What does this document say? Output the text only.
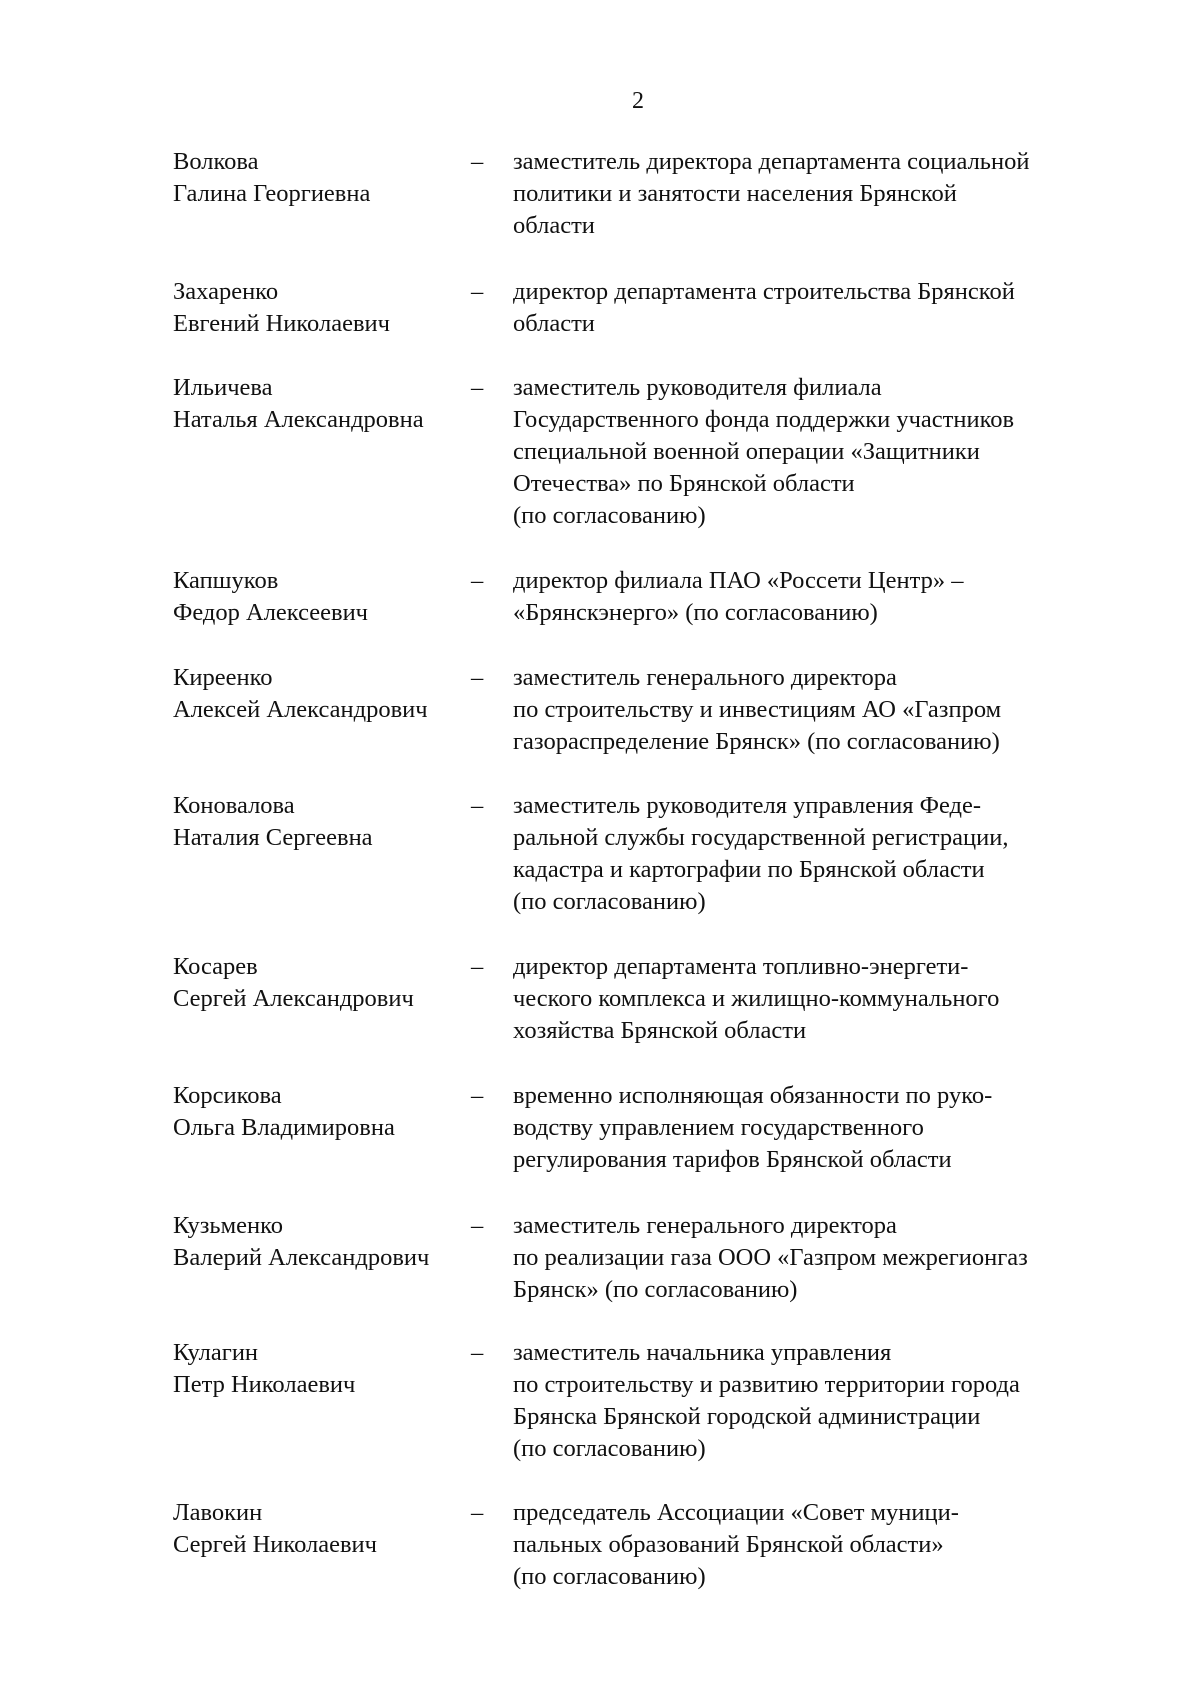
2
Волкова
Галина Георгиевна
– заместитель директора департамента социальной
политики и занятости населения Брянской
области
Захаренко
Евгений Николаевич
– директор департамента строительства Брянской
области
Ильичева
Наталья Александровна
– заместитель руководителя филиала
Государственного фонда поддержки участников
специальной военной операции «Защитники
Отечества» по Брянской области
(по согласованию)
Капшуков
Федор Алексеевич
– директор филиала ПАО «Россети Центр» –
«Брянскэнерго» (по согласованию)
Киреенко
Алексей Александрович
– заместитель генерального директора
по строительству и инвестициям АО «Газпром
газораспределение Брянск» (по согласованию)
Коновалова
Наталия Сергеевна
– заместитель руководителя управления Феде-
ральной службы государственной регистрации,
кадастра и картографии по Брянской области
(по согласованию)
Косарев
Сергей Александрович
– директор департамента топливно-энергети-
ческого комплекса и жилищно-коммунального
хозяйства Брянской области
Корсикова
Ольга Владимировна
– временно исполняющая обязанности по руко-
водству управлением государственного
регулирования тарифов Брянской области
Кузьменко
Валерий Александрович
– заместитель генерального директора
по реализации газа ООО «Газпром межрегионгаз
Брянск» (по согласованию)
Кулагин
Петр Николаевич
– заместитель начальника управления
по строительству и развитию территории города
Брянска Брянской городской администрации
(по согласованию)
Лавокин
Сергей Николаевич
– председатель Ассоциации «Совет муници-
пальных образований Брянской области»
(по согласованию)
